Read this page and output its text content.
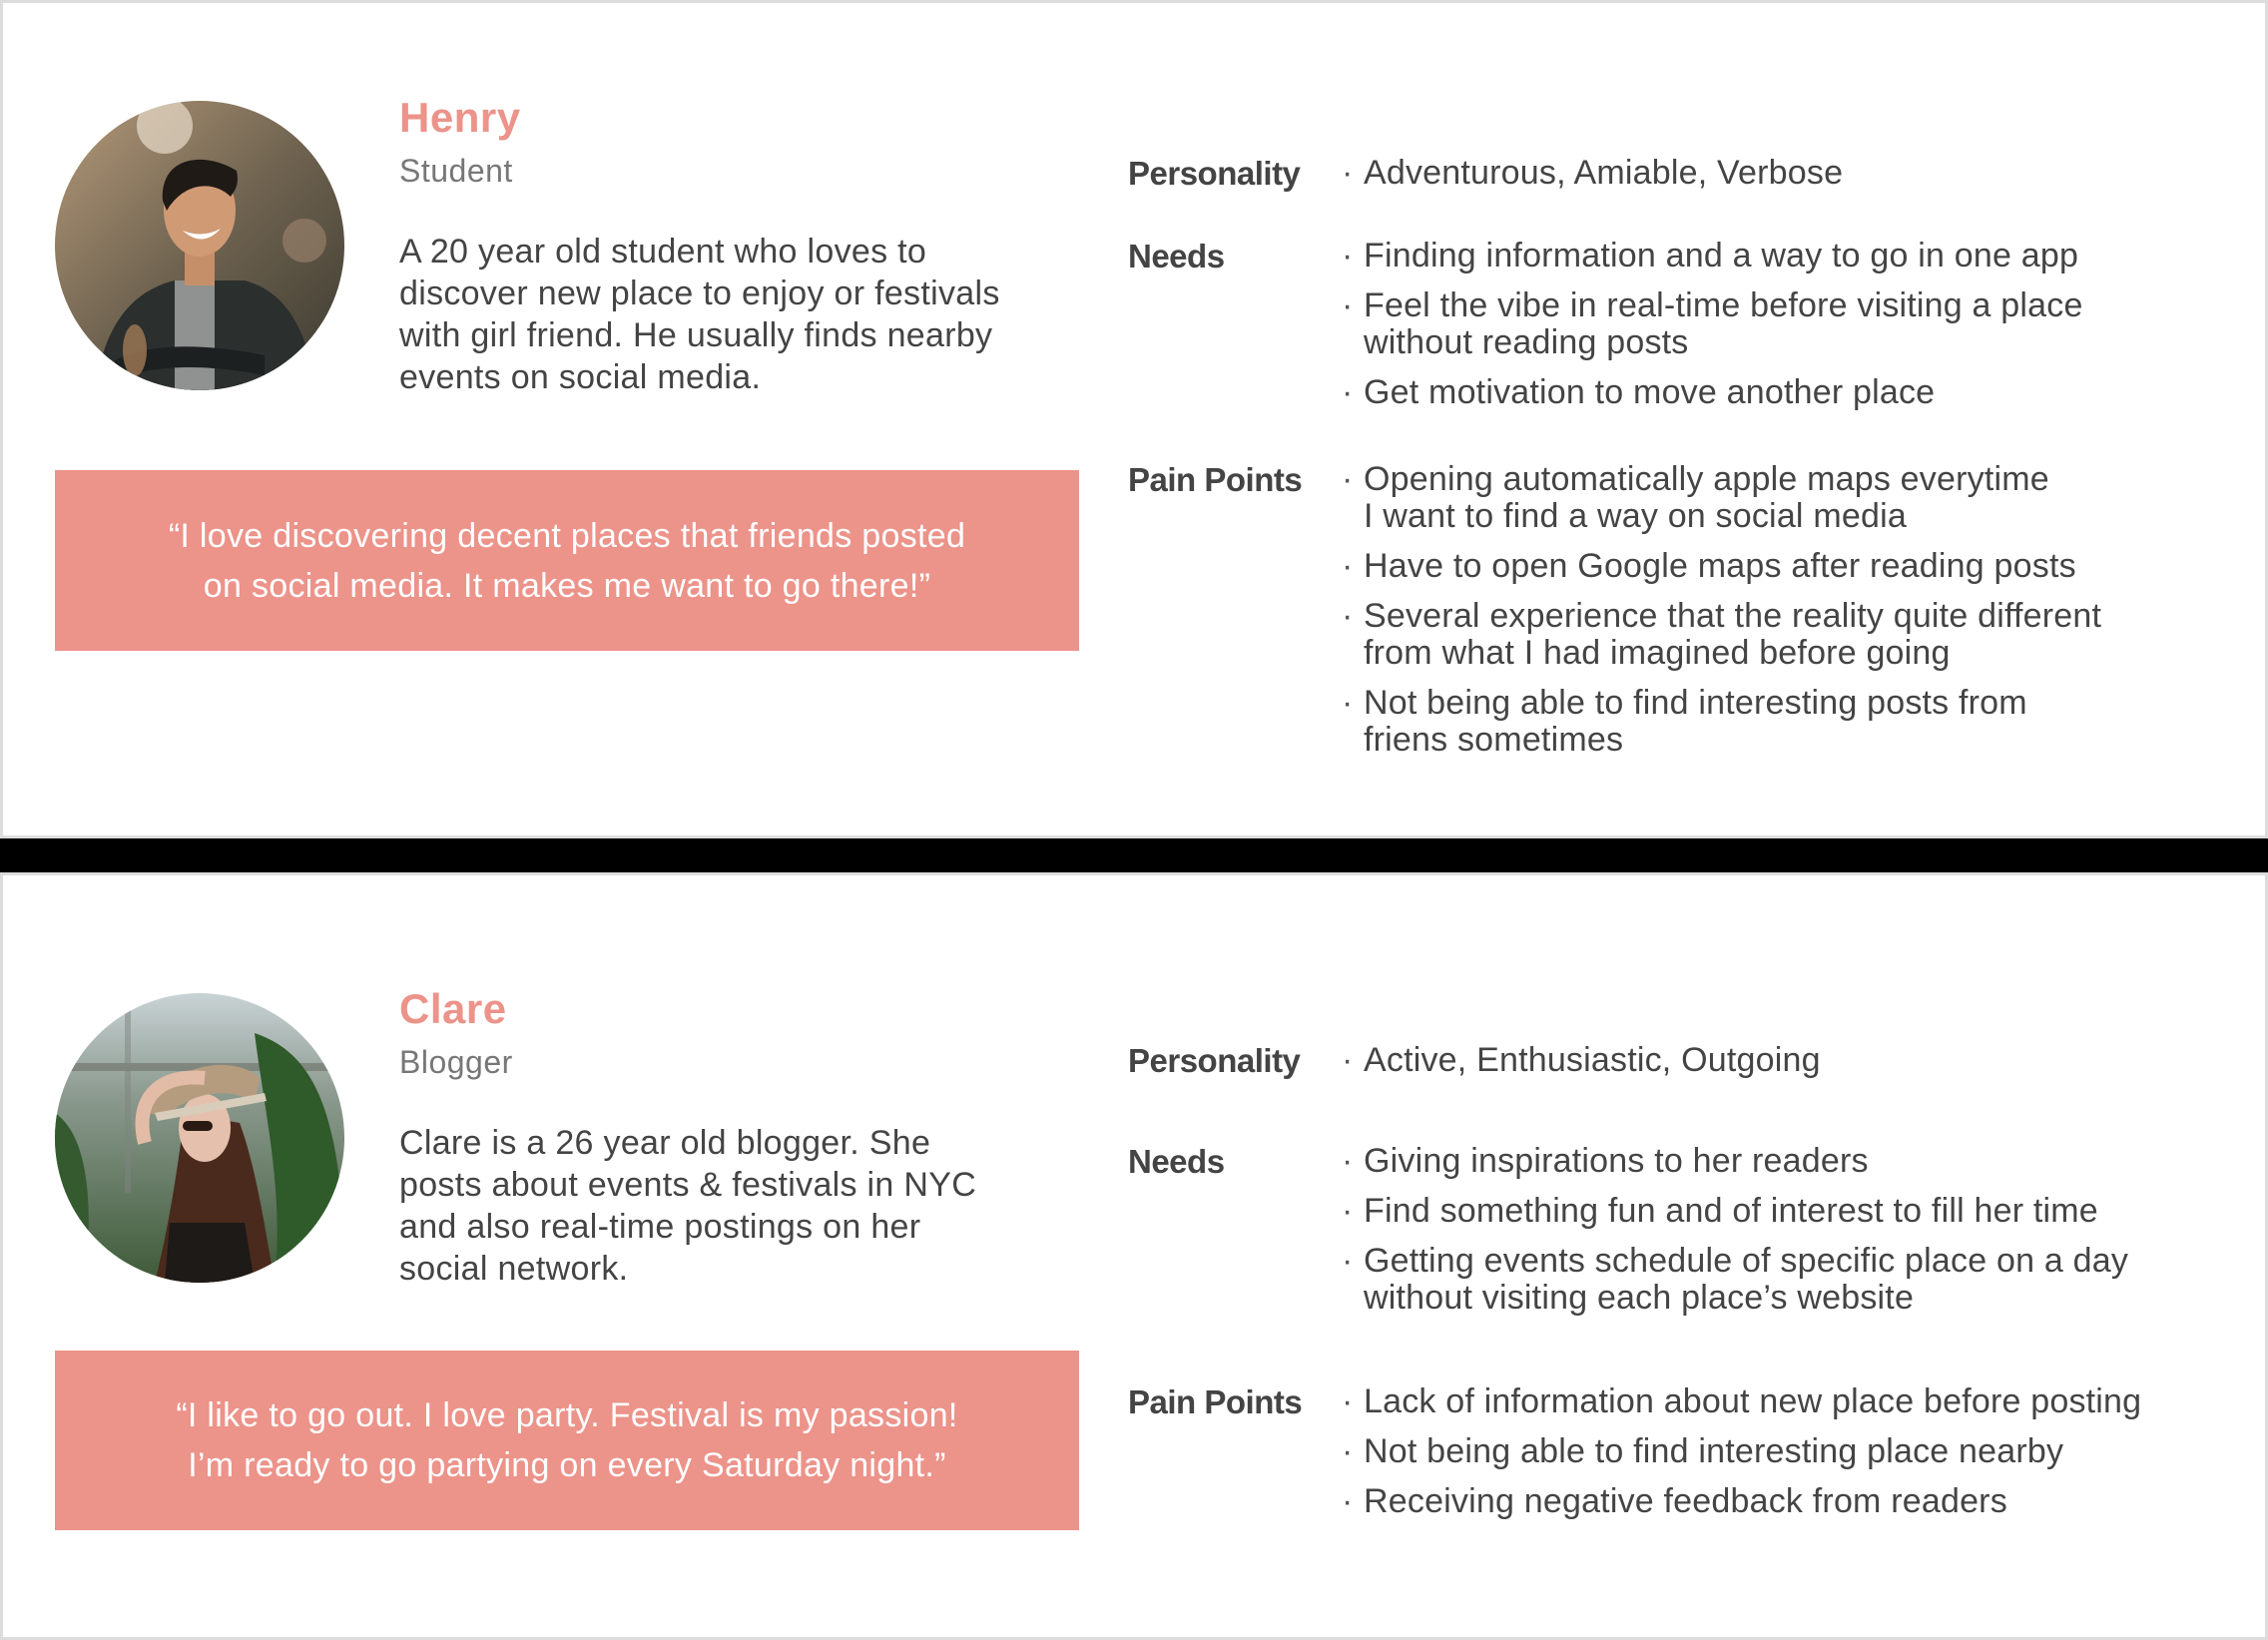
Henry
Student
A 20 year old student who loves to
discover new place to enjoy or festivals
with girl friend. He usually finds nearby
events on social media.
“I love discovering decent places that friends posted
on social media. It makes me want to go there!”
Personality · Adventurous, Amiable, Verbose
Needs	· Finding information and a way to go in one app
· Feel the vibe in real-time before visiting a place
without reading posts
· Get motivation to move another place
Pain Points · Opening automatically apple maps everytime
I want to find a way on social media
· Have to open Google maps after reading posts
· Several experience that the reality quite different
from what I had imagined before going
· Not being able to find interesting posts from
friens sometimes
Clare
Blogger
Clare is a 26 year old blogger. She
posts about events & festivals in NYC
and also real-time postings on her
social network.
“I like to go out. I love party. Festival is my passion!
I’m ready to go partying on every Saturday night.”
Personality · Active, Enthusiastic, Outgoing
Needs	· Giving inspirations to her readers
· Find something fun and of interest to fill her time
· Getting events schedule of specific place on a day
without visiting each place’s website
Pain Points · Lack of information about new place before posting
· Not being able to find interesting place nearby
· Receiving negative feedback from readers
